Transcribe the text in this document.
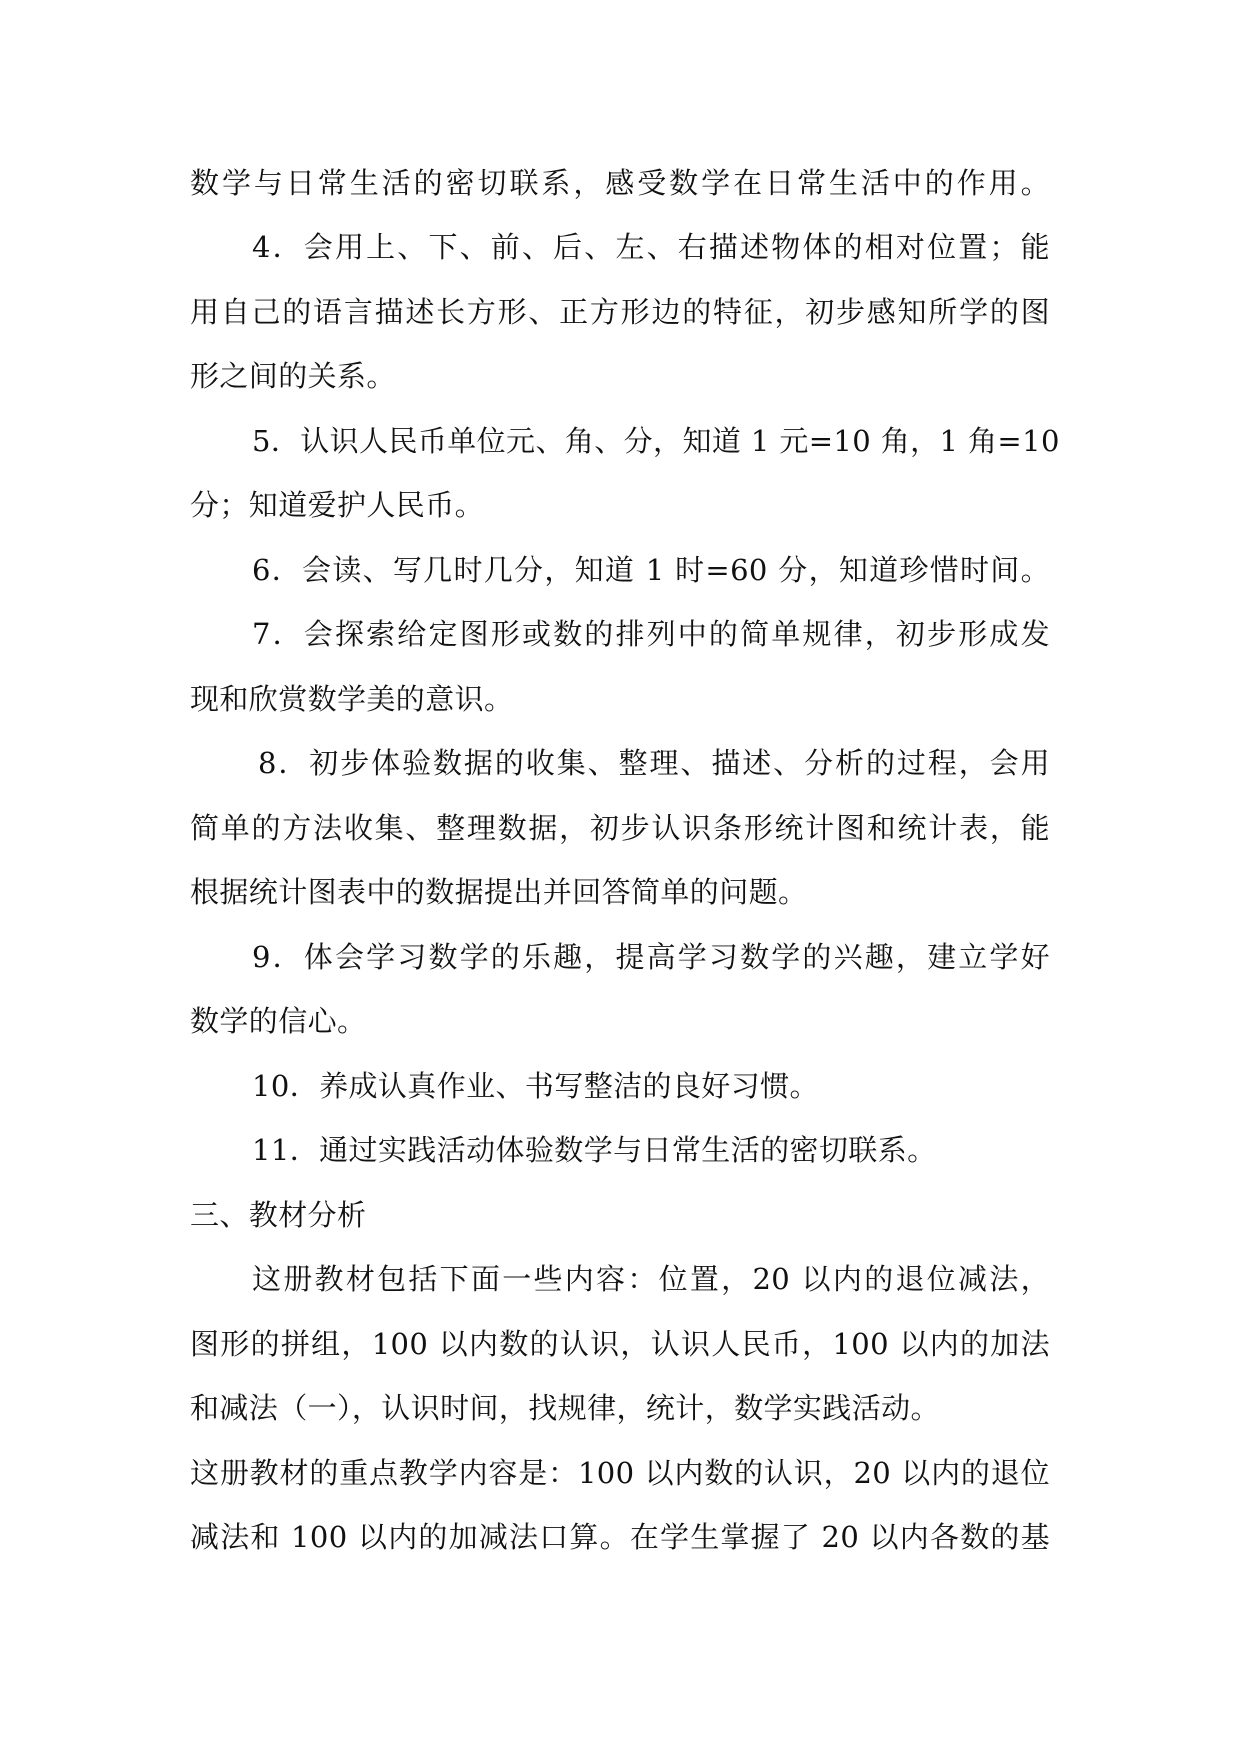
数学与日常生活的密切联系，感受数学在日常生活中的作用。
4．会用上、下、前、后、左、右描述物体的相对位置；能
用自己的语言描述长方形、正方形边的特征，初步感知所学的图
形之间的关系。
5．认识人民币单位元、角、分，知道 1 元=10 角，1 角=10
分；知道爱护人民币。
6．会读、写几时几分，知道 1 时=60 分，知道珍惜时间。
7．会探索给定图形或数的排列中的简单规律，初步形成发
现和欣赏数学美的意识。
8．初步体验数据的收集、整理、描述、分析的过程，会用
简单的方法收集、整理数据，初步认识条形统计图和统计表，能
根据统计图表中的数据提出并回答简单的问题。
9．体会学习数学的乐趣，提高学习数学的兴趣，建立学好
数学的信心。
10．养成认真作业、书写整洁的良好习惯。
11．通过实践活动体验数学与日常生活的密切联系。
三、教材分析
这册教材包括下面一些内容：位置，20 以内的退位减法，
图形的拼组，100 以内数的认识，认识人民币，100 以内的加法
和减法（一），认识时间，找规律，统计，数学实践活动。
这册教材的重点教学内容是：100 以内数的认识，20 以内的退位
减法和 100 以内的加减法口算。在学生掌握了 20 以内各数的基
